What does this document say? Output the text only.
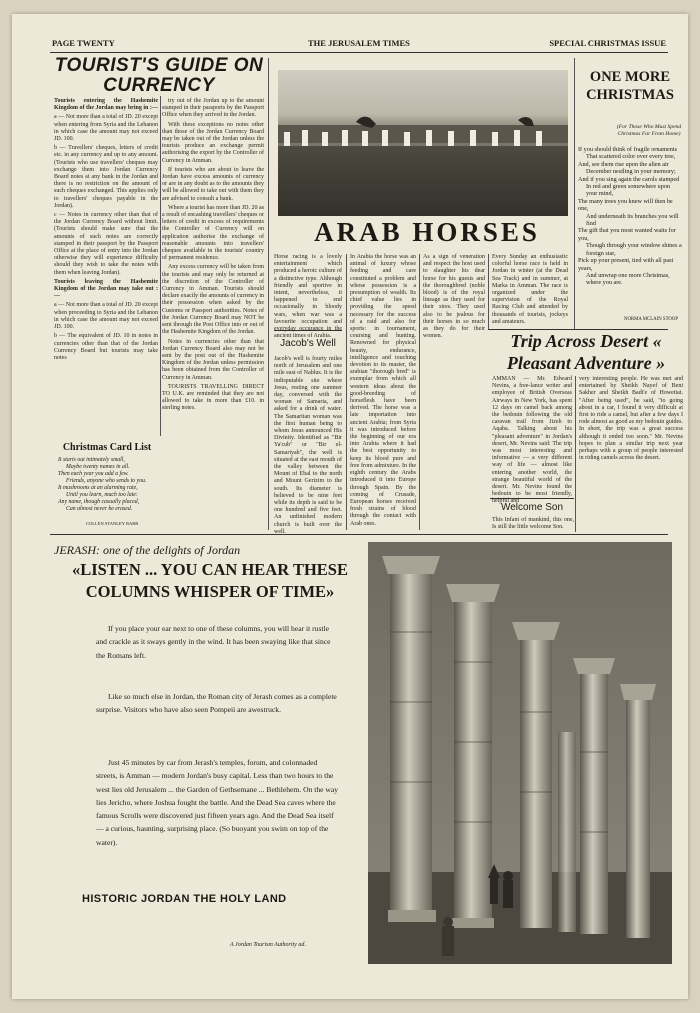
PAGE TWENTY	THE JERUSALEM TIMES	SPECIAL CHRISTMAS ISSUE
TOURIST'S GUIDE ON CURRENCY

Tourists entering the Hashemite Kingdom of the Jordan may bring in :—

a — Not more than a total of JD. 20 except when entering from Syria and the Lebanon in which case the amount may not exceed JD. 100.

b — Travellers' cheques, letters of credit etc. in any currency and up to any amount. (Tourists who use travellers' cheques may exchange them into Jordan Currency Board notes at any bank in the Jordan and there is no restriction on the amount of such cheques exchanged. This applies only to travellers' cheques payable in the Jordan).

c — Notes in currency other than that of the Jordan Currency Board without limit. (Tourists should make sure that the amounts of such notes are correctly stamped in their passport by the Passport Office at the place of entry into the Jordan otherwise they will experience difficulty should they wish to take the notes with them when leaving Jordan).

Tourists leaving the Hashemite Kingdom of the Jordan may take out :—

a — Not more than a total of JD. 20 except when proceeding to Syria and the Lebanon in which case the amount may not exceed JD. 100.

b — The equivalent of JD. 10 in notes in currencies other than that of the Jordan Currency Board but tourists may take notes

try out of the Jordan up to the amount stamped in their passports by the Passport Office when they arrived in the Jordan.

With these exceptions no notes other than those of the Jordan Currency Board may be taken out of the Jordan unless the tourists produce an exchange permit authorising the export by the Controller of Currency in Amman.

If tourists who are about to leave the Jordan have excess amounts of currency or are in any doubt as to the amounts they will be allowed to take out with them they are advised to consult a bank.

Where a tourist has more than JD. 20 as a result of encashing travellers' cheques or letters of credit in excess of requirements the Controller of Currency will on application authorise the exchange of reasonable amounts into travellers' cheques available in the tourists' country of permanent residence.

Any excess currency will be taken from the tourists and may only be returned at the discretion of the Controller of Currency in Amman. Tourists should declare exactly the amounts of currency in their possession when asked by the Customs or Passport authorities. Notes of the Jordan Currency Board may NOT be sent through the Post Office into or out of the Hashemite Kingdom of the Jordan.

Notes in currencies other than that Jordan Currency Board also may not be sent by the post out of the Hashemite Kingdom of the Jordan unless permission has been obtained from the Controller of Currency in Amman.

TOURISTS TRAVELLING DIRECT TO U.K. are reminded that they are not allowed to take in more than £10. in sterling notes.

Christmas Card List
It starts out intimately small,
Maybe twenty names in all.
Then each year you add a few.
Friends, anyone who sends to you.
It mushrooms at an alarming rate,
Until you learn, much too late:
Any name, though casually placed,
Can almost never be erased.
COLLEN STANLEY BARR
ARAB HORSES
Horse racing is a lovely entertainment which produced a heroic culture of a distinctive type. Although friendly and sportive in intent, nevertheless, it happened to end occasionally in bloody wars, when war was a favourite occupation and everyday occurance in the ancient times of Arabia.
Jacob's Well
Jacob's well is fourty miles north of Jerusalem and one mile east of Nablus. It is the indisputable site where Jesus, resting one summer day, conversed with the woman of Samaria, and asked for a drink of water. The Samaritan woman was the first human being to whom Jesus announced His Divinity. Identified as "Bir Ya'cub" or "Bir el-Samariyah", the well is situated at the east mouth of the valley between the Mount of Ebal to the north and Mount Gerizim to the south. Its diameter is believed to be nine feet while its depth is said to be one hundred and five feet. An unfinished modern church is built over the well.
In Arabia the horse was an animal of luxury whose feeding and care constituted a problem and whose possession is a presumption of wealth. Its chief value lies in providing the speed necessary for the success of a raid and also for sports: in tournament, coursing and hunting. Renowned for physical beauty, endurance, intelligence and touching devotion to its master, the arabian "thorough bred" is exemplar from which all western ideas about the good-breeding of horseflesh have been derived. The horse was a late importation into ancient Arabia; from Syria it was introduced before the beginning of our era into Arabia where it had the best opportunity to keep its blood pure and free from admixture. In the eighth century the Arabs introduced it into Europe through Spain. By the coming of Crusade, European horses received fresh strains of blood through the contact with Arab ones.
As a sign of veneration and respect the host used to slaughter his dear horse for his guests and the thoroughbred (noble blood) is of the royal lineage as they used for their sires. They used also to be jealous for their horses in so much as they do for their women.
Every Sunday an enthusiastic colorful horse race is held in Jordan in winter (at the Dead Sea Track) and in summer, at Marka in Amman. The race is organized under the supervision of the Royal Racing Club and attended by thousands of tourists, jockeys and amateurs.
ONE MORE CHRISTMAS
(For Those Who Must Spend Christmas Far From Home)
If you should think of fragile ornaments
That scattered color over every tree,
And, see them rise upon the alien air
December nestling in your memory;
And if you sing again the carols stamped
In red and green somewhere upon your mind,
The many trees you knew will then be one,
And underneath its branches you will find
The gift that you most wanted waits for you,
Though through your window shines a foreign star,
Pick up your present, tied with all past years,
And unwrap one more Christmas, where you are.
NORMA MCLAIN STOOP
Trip Across Desert « Pleasant Adventure »
AMMAN — Mr. Edward Nevins, a free-lance writer and employee of British Overseas Airways in New York, has spent 12 days on camel back among the bedouin following the old caravan trail from Jizeh to Aqaba. Talking about his "pleasant adventure" in Jordan's desert, Mr. Nevins said: The trip was most interesting and informative — a very different way of life — almost like entering another world, the strange beautiful world of the desert. Mr. Nevins found the bedouin to be most friendly, helpful and
very interesting people. He was met and entertained by Sheikh Nayef of Beni Sakher and Sheikh Badi'e of Howeitat. "After being used", he said, "to going about in a car, I found it very difficult at first to ride a camel, but after a few days I rode almost as good as my bedouin guides. In short, the trip was a great success although it ended too soon." Mr. Nevins hopes to plan a similar trip next year perhaps with a group of people interested in riding camels across the desert.
Welcome Son
This Infant of mankind, this one, Is still the little welcome Son.
JERASH: one of the delights of Jordan
«LISTEN ... YOU CAN HEAR THESE COLUMNS WHISPER OF TIME»
If you place your ear next to one of these columns, you will hear it rustle and crackle as it sways gently in the wind. It has been swaying like that since the Romans left.
Like so much else in Jordan, the Roman city of Jerash comes as a complete surprise. Visitors who have also seen Pompeii are awestruck.
Just 45 minutes by car from Jerash's temples, forum, and colonnaded streets, is Amman — modern Jordan's busy capital. Less than two hours to the west lies old Jerusalem ... the Garden of Gethsemane ... Bethlehem. On the way lies Jericho, where Joshua fought the battle. And the Dead Sea caves where the famous Scrolls were discovered just fifteen years ago. And the Dead Sea itself — a curious, haunting, surprising place. (So buoyant you swim on top of the water).
HISTORIC JORDAN THE HOLY LAND
A Jordan Tourism Authority ad.
